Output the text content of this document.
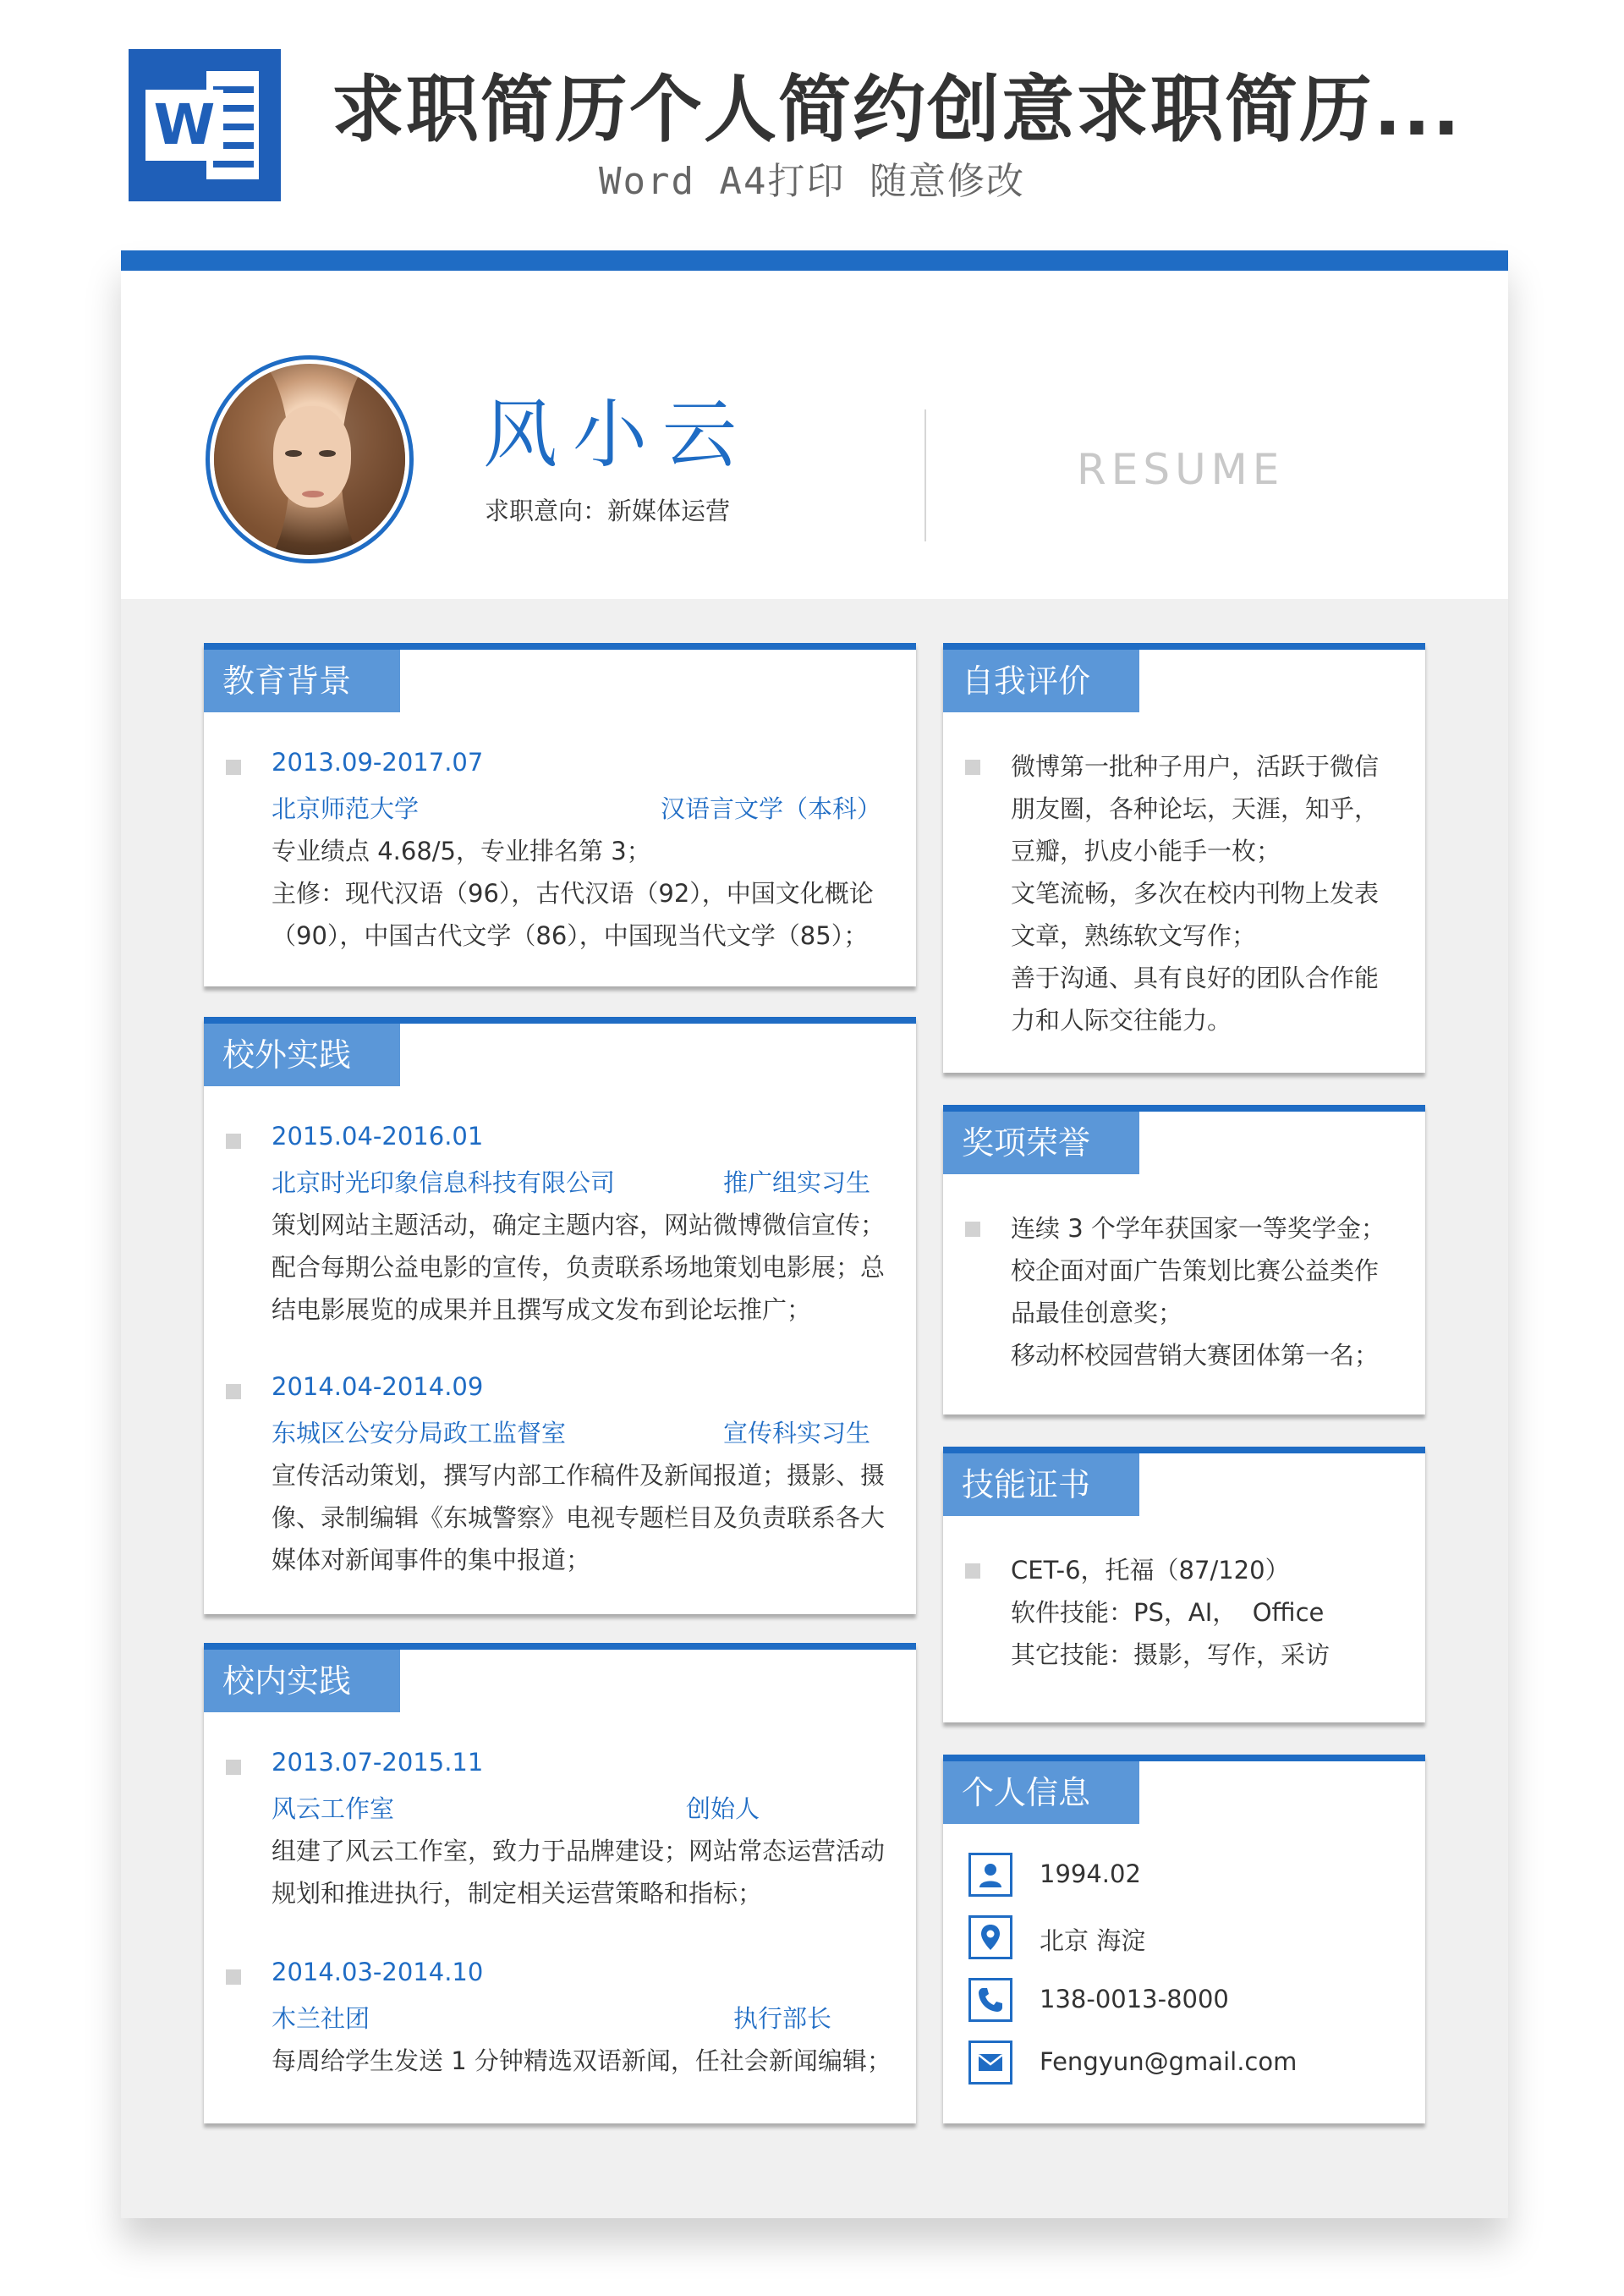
W 求职简历个人简约创意求职简历...
Word A4打印 随意修改
风小云
求职意向：新媒体运营
RESUME
教育背景
2013.09-2017.07
北京师范大学	汉语言文学（本科）
专业绩点 4.68/5，专业排名第 3；
主修：现代汉语（96），古代汉语（92），中国文化概论
（90），中国古代文学（86），中国现当代文学（85）；
校外实践
2015.04-2016.01
北京时光印象信息科技有限公司	推广组实习生
策划网站主题活动，确定主题内容，网站微博微信宣传；
配合每期公益电影的宣传，负责联系场地策划电影展；总
结电影展览的成果并且撰写成文发布到论坛推广；
2014.04-2014.09
东城区公安分局政工监督室	宣传科实习生
宣传活动策划，撰写内部工作稿件及新闻报道；摄影、摄
像、录制编辑《东城警察》电视专题栏目及负责联系各大
媒体对新闻事件的集中报道；
校内实践
2013.07-2015.11
风云工作室	创始人
组建了风云工作室，致力于品牌建设；网站常态运营活动
规划和推进执行，制定相关运营策略和指标；
2014.03-2014.10
木兰社团	执行部长
每周给学生发送 1 分钟精选双语新闻，任社会新闻编辑；
自我评价
微博第一批种子用户，活跃于微信
朋友圈，各种论坛，天涯，知乎，
豆瓣，扒皮小能手一枚；
文笔流畅，多次在校内刊物上发表
文章，熟练软文写作；
善于沟通、具有良好的团队合作能
力和人际交往能力。
奖项荣誉
连续 3 个学年获国家一等奖学金；
校企面对面广告策划比赛公益类作
品最佳创意奖；
移动杯校园营销大赛团体第一名；
技能证书
CET-6，托福（87/120）
软件技能：PS，AI，  Office
其它技能：摄影，写作，采访
个人信息
1994.02
北京 海淀
138-0013-8000
Fengyun@gmail.com
